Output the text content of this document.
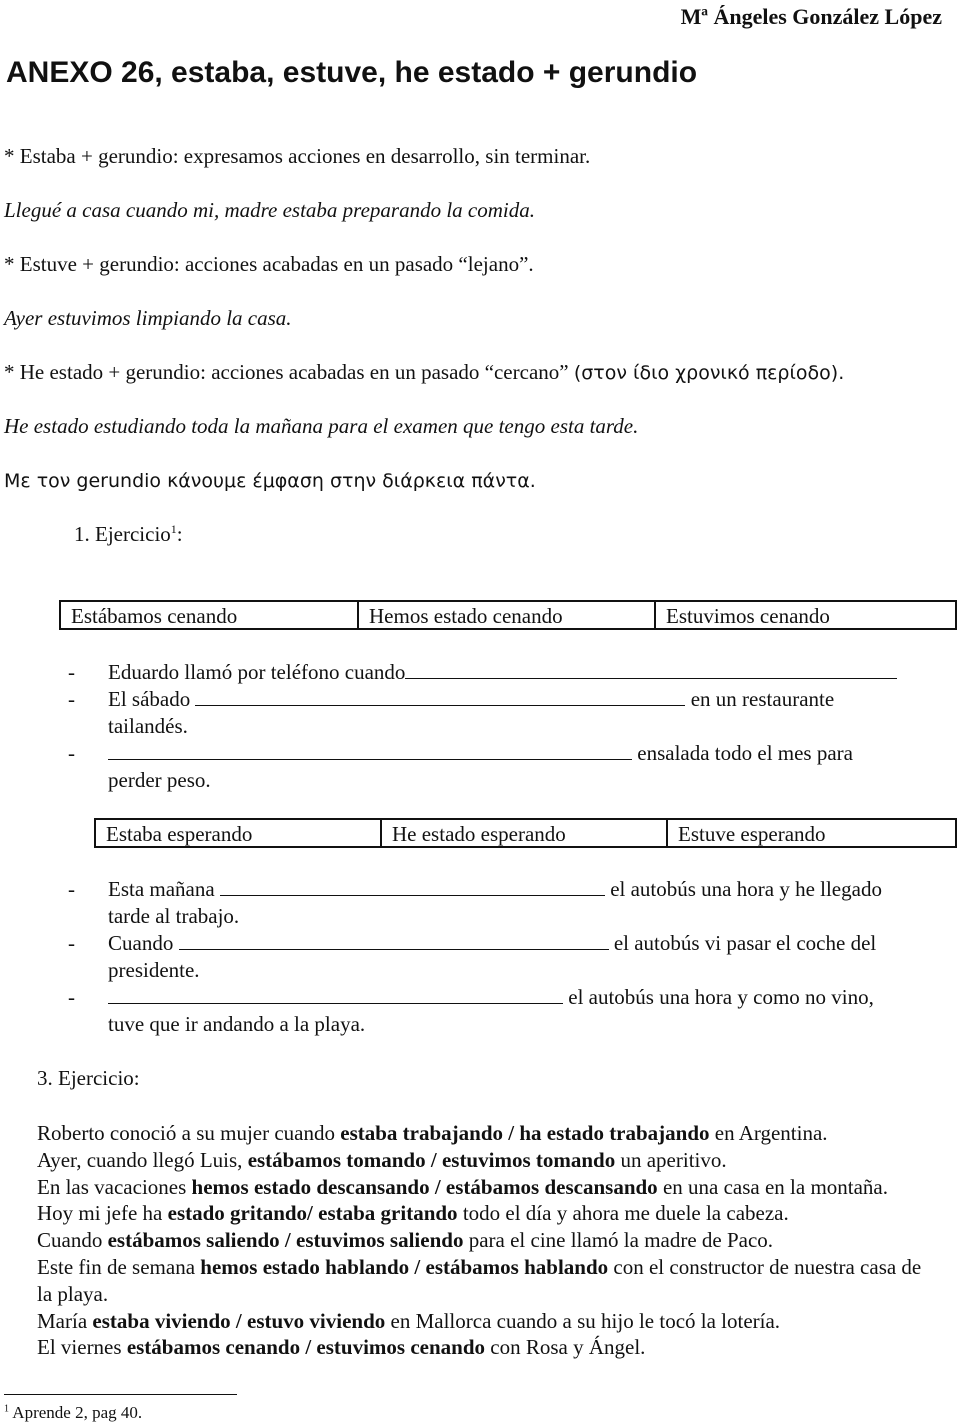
Mª Ángeles González López
ANEXO 26, estaba, estuve, he estado + gerundio
* Estaba + gerundio: expresamos acciones en desarrollo, sin terminar.
Llegué a casa cuando mi, madre estaba preparando la comida.
* Estuve + gerundio: acciones acabadas en un pasado “lejano”.
Ayer estuvimos limpiando la casa.
* He estado + gerundio: acciones acabadas en un pasado “cercano” (στον ίδιο χρονικό περίοδο).
He estado estudiando toda la mañana para el examen que tengo esta tarde.
Με τον gerundio κάνουμε έμφαση στην διάρκεια πάντα.
1. Ejercicio$^1$:
Estábamos cenando	Hemos estado cenando	Estuvimos cenando
- Eduardo llamó por teléfono cuando
- El sábado	en un restaurante
tailandés.
-	ensalada todo el mes para
perder peso.
Estaba esperando	He estado esperando	Estuve esperando
- Esta mañana	el autobús una hora y he llegado
tarde al trabajo.
- Cuando	el autobús vi pasar el coche del
presidente.
-	el autobús una hora y como no vino,
tuve que ir andando a la playa.
3. Ejercicio:
Roberto conoció a su mujer cuando estaba trabajando / ha estado trabajando en Argentina.
Ayer, cuando llegó Luis, estábamos tomando / estuvimos tomando un aperitivo.
En las vacaciones hemos estado descansando / estábamos descansando en una casa en la montaña.
Hoy mi jefe ha estado gritando/ estaba gritando todo el día y ahora me duele la cabeza.
Cuando estábamos saliendo / estuvimos saliendo para el cine llamó la madre de Paco.
Este fin de semana hemos estado hablando / estábamos hablando con el constructor de nuestra casa de la playa.
María estaba viviendo / estuvo viviendo en Mallorca cuando a su hijo le tocó la lotería.
El viernes estábamos cenando / estuvimos cenando con Rosa y Ángel.
$^1$ Aprende 2, pag 40.
